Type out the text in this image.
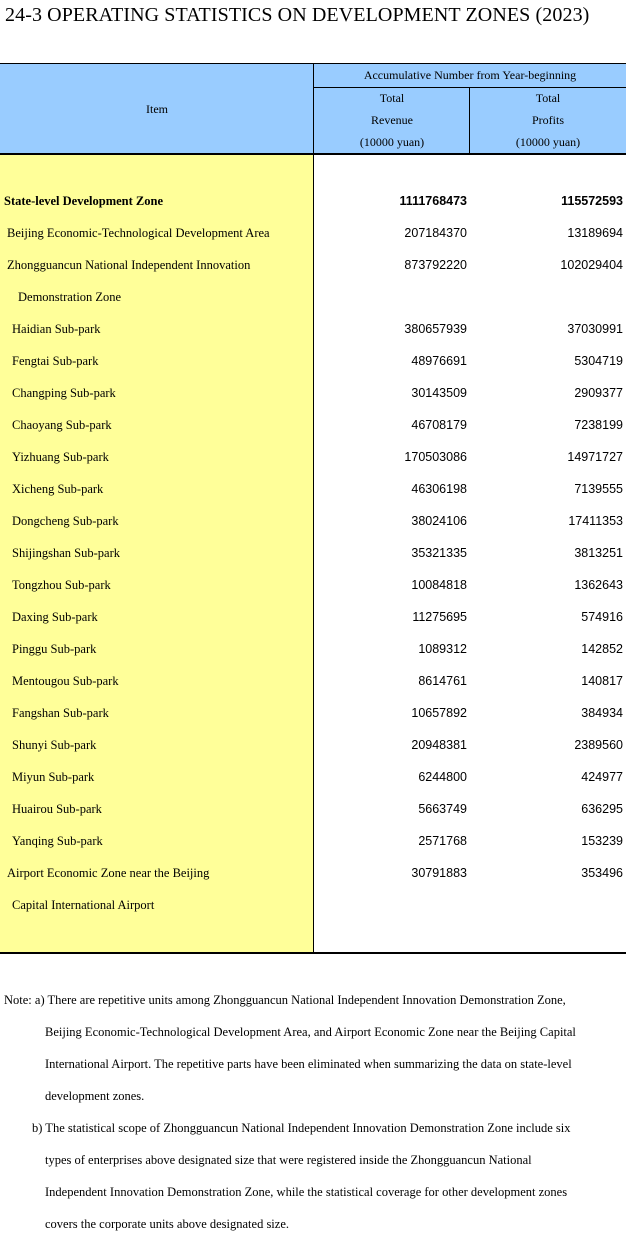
24-3 OPERATING STATISTICS ON DEVELOPMENT ZONES (2023)
Item
Accumulative Number from Year-beginning
Total
Revenue
(10000 yuan)
Total
Profits
(10000 yuan)
State-level Development Zone	1111768473	115572593
Beijing Economic-Technological Development Area	207184370	13189694
Zhongguancun National Independent Innovation	873792220	102029404
Demonstration Zone
Haidian Sub-park	380657939	37030991
Fengtai Sub-park	48976691	5304719
Changping Sub-park	30143509	2909377
Chaoyang Sub-park	46708179	7238199
Yizhuang Sub-park	170503086	14971727
Xicheng Sub-park	46306198	7139555
Dongcheng Sub-park	38024106	17411353
Shijingshan Sub-park	35321335	3813251
Tongzhou Sub-park	10084818	1362643
Daxing Sub-park	11275695	574916
Pinggu Sub-park	1089312	142852
Mentougou Sub-park	8614761	140817
Fangshan Sub-park	10657892	384934
Shunyi Sub-park	20948381	2389560
Miyun Sub-park	6244800	424977
Huairou Sub-park	5663749	636295
Yanqing Sub-park	2571768	153239
Airport Economic Zone near the Beijing	30791883	353496
Capital International Airport
Note: a) There are repetitive units among Zhongguancun National Independent Innovation Demonstration Zone,
Beijing Economic-Technological Development Area, and Airport Economic Zone near the Beijing Capital
International Airport. The repetitive parts have been eliminated when summarizing the data on state-level
development zones.
b) The statistical scope of Zhongguancun National Independent Innovation Demonstration Zone include six
types of enterprises above designated size that were registered inside the Zhongguancun National
Independent Innovation Demonstration Zone, while the statistical coverage for other development zones
covers the corporate units above designated size.
